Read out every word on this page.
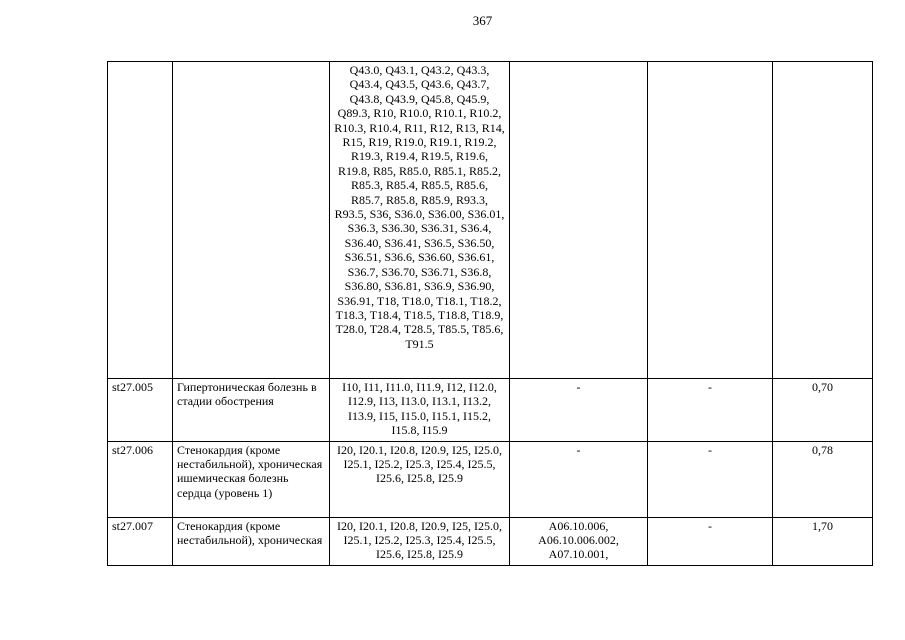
367
		Q43.0, Q43.1, Q43.2, Q43.3, Q43.4, Q43.5, Q43.6, Q43.7, Q43.8, Q43.9, Q45.8, Q45.9, Q89.3, R10, R10.0, R10.1, R10.2, R10.3, R10.4, R11, R12, R13, R14, R15, R19, R19.0, R19.1, R19.2, R19.3, R19.4, R19.5, R19.6, R19.8, R85, R85.0, R85.1, R85.2, R85.3, R85.4, R85.5, R85.6, R85.7, R85.8, R85.9, R93.3, R93.5, S36, S36.0, S36.00, S36.01, S36.3, S36.30, S36.31, S36.4, S36.40, S36.41, S36.5, S36.50, S36.51, S36.6, S36.60, S36.61, S36.7, S36.70, S36.71, S36.8, S36.80, S36.81, S36.9, S36.90, S36.91, T18, T18.0, T18.1, T18.2, T18.3, T18.4, T18.5, T18.8, T18.9, T28.0, T28.4, T28.5, T85.5, T85.6, T91.5			
st27.005	Гипертоническая болезнь в стадии обострения	I10, I11, I11.0, I11.9, I12, I12.0, I12.9, I13, I13.0, I13.1, I13.2, I13.9, I15, I15.0, I15.1, I15.2, I15.8, I15.9	-	-	0,70
st27.006	Стенокардия (кроме нестабильной), хроническая ишемическая болезнь сердца (уровень 1)	I20, I20.1, I20.8, I20.9, I25, I25.0, I25.1, I25.2, I25.3, I25.4, I25.5, I25.6, I25.8, I25.9	-	-	0,78
st27.007	Стенокардия (кроме нестабильной), хроническая	I20, I20.1, I20.8, I20.9, I25, I25.0, I25.1, I25.2, I25.3, I25.4, I25.5, I25.6, I25.8, I25.9	A06.10.006, A06.10.006.002, A07.10.001,	-	1,70
